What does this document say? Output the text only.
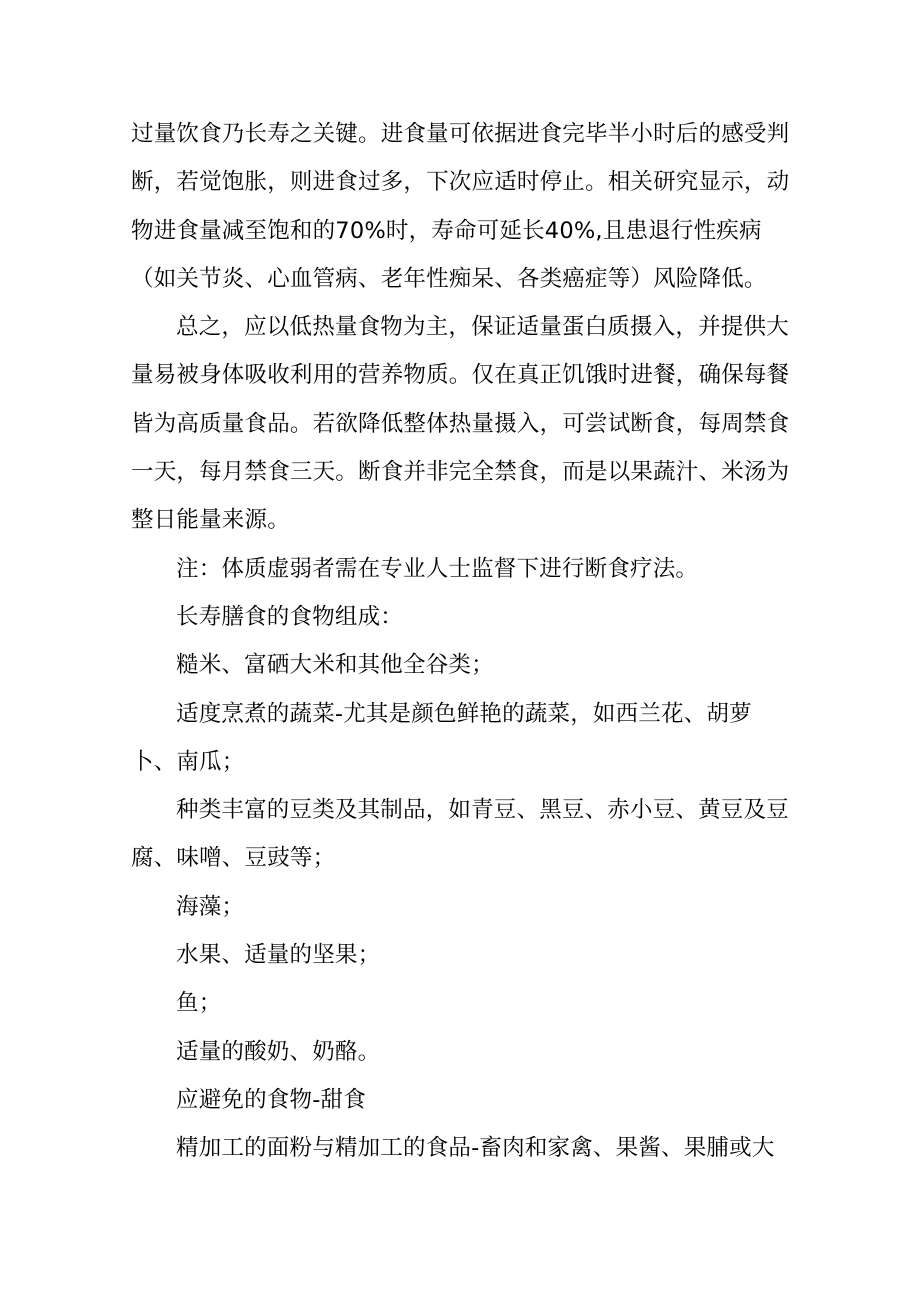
过量饮食乃长寿之关键。进食量可依据进食完毕半小时后的感受判断，若觉饱胀，则进食过多，下次应适时停止。相关研究显示，动物进食量减至饱和的70%时，寿命可延长40%,且患退行性疾病（如关节炎、心血管病、老年性痴呆、各类癌症等）风险降低。

总之，应以低热量食物为主，保证适量蛋白质摄入，并提供大量易被身体吸收利用的营养物质。仅在真正饥饿时进餐，确保每餐皆为高质量食品。若欲降低整体热量摄入，可尝试断食，每周禁食一天，每月禁食三天。断食并非完全禁食，而是以果蔬汁、米汤为整日能量来源。

注：体质虚弱者需在专业人士监督下进行断食疗法。

长寿膳食的食物组成：

糙米、富硒大米和其他全谷类；

适度烹煮的蔬菜-尤其是颜色鲜艳的蔬菜，如西兰花、胡萝卜、南瓜；

种类丰富的豆类及其制品，如青豆、黑豆、赤小豆、黄豆及豆腐、味噌、豆豉等；

海藻；

水果、适量的坚果；

鱼；

适量的酸奶、奶酪。

应避免的食物-甜食

精加工的面粉与精加工的食品-畜肉和家禽、果酱、果脯或大
